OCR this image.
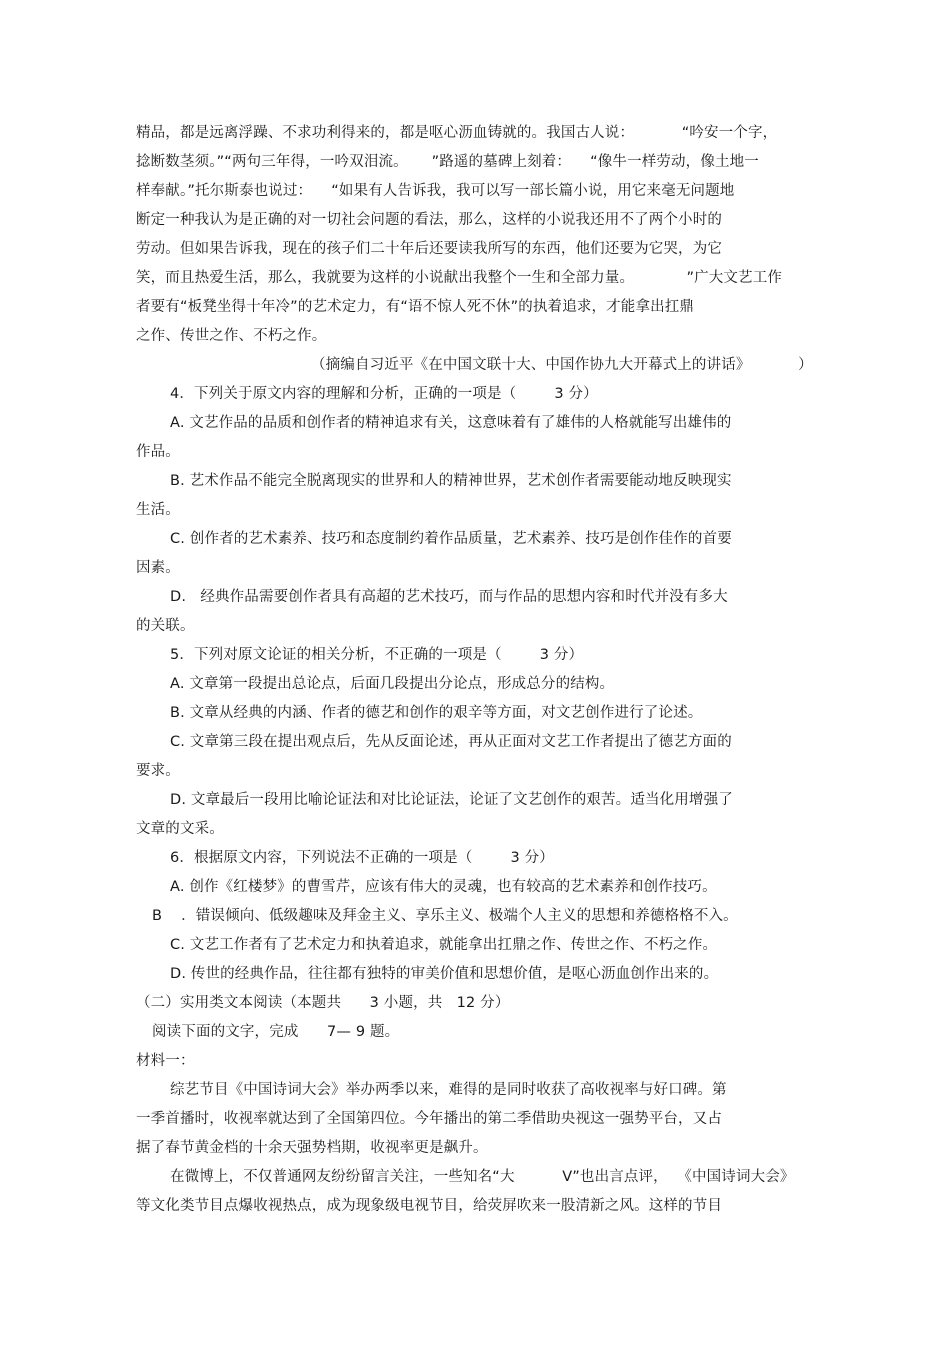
精品，都是远离浮躁、不求功利得来的，都是呕心沥血铸就的。我国古人说：          “吟安一个字，
捻断数茎须。”“两句三年得，一吟双泪流。     ”路遥的墓碑上刻着：    “像牛一样劳动，像土地一
样奉献。”托尔斯泰也说过：    “如果有人告诉我，我可以写一部长篇小说，用它来毫无问题地
断定一种我认为是正确的对一切社会问题的看法，那么，这样的小说我还用不了两个小时的
劳动。但如果告诉我，现在的孩子们二十年后还要读我所写的东西，他们还要为它哭，为它
笑，而且热爱生活，那么，我就要为这样的小说献出我整个一生和全部力量。           ”广大文艺工作
者要有“板凳坐得十年冷”的艺术定力，有“语不惊人死不休”的执着追求，才能拿出扛鼎
之作、传世之作、不朽之作。
（摘编自习近平《在中国文联十大、中国作协九大开幕式上的讲话》          ）
4．下列关于原文内容的理解和分析，正确的一项是（        3 分）
A. 文艺作品的品质和创作者的精神追求有关，这意味着有了雄伟的人格就能写出雄伟的
作品。
B. 艺术作品不能完全脱离现实的世界和人的精神世界，艺术创作者需要能动地反映现实
生活。
C. 创作者的艺术素养、技巧和态度制约着作品质量，艺术素养、技巧是创作佳作的首要
因素。
D.   经典作品需要创作者具有高超的艺术技巧，而与作品的思想内容和时代并没有多大
的关联。
5．下列对原文论证的相关分析，不正确的一项是（        3 分）
A. 文章第一段提出总论点，后面几段提出分论点，形成总分的结构。
B. 文章从经典的内涵、作者的德艺和创作的艰辛等方面，对文艺创作进行了论述。
C. 文章第三段在提出观点后，先从反面论述，再从正面对文艺工作者提出了德艺方面的
要求。
D. 文章最后一段用比喻论证法和对比论证法，论证了文艺创作的艰苦。适当化用增强了
文章的文采。
6．根据原文内容，下列说法不正确的一项是（        3 分）
A. 创作《红楼梦》的曹雪芹，应该有伟大的灵魂，也有较高的艺术素养和创作技巧。
B    ．错误倾向、低级趣味及拜金主义、享乐主义、极端个人主义的思想和养德格格不入。
C. 文艺工作者有了艺术定力和执着追求，就能拿出扛鼎之作、传世之作、不朽之作。
D. 传世的经典作品，往往都有独特的审美价值和思想价值，是呕心沥血创作出来的。
（二）实用类文本阅读（本题共      3 小题，共   12 分）
阅读下面的文字，完成      7— 9 题。
材料一：
综艺节目《中国诗词大会》举办两季以来，难得的是同时收获了高收视率与好口碑。第
一季首播时，收视率就达到了全国第四位。今年播出的第二季借助央视这一强势平台，又占
据了春节黄金档的十余天强势档期，收视率更是飙升。
在微博上，不仅普通网友纷纷留言关注，一些知名“大          V”也出言点评，  《中国诗词大会》
等文化类节目点爆收视热点，成为现象级电视节目，给荧屏吹来一股清新之风。这样的节目
